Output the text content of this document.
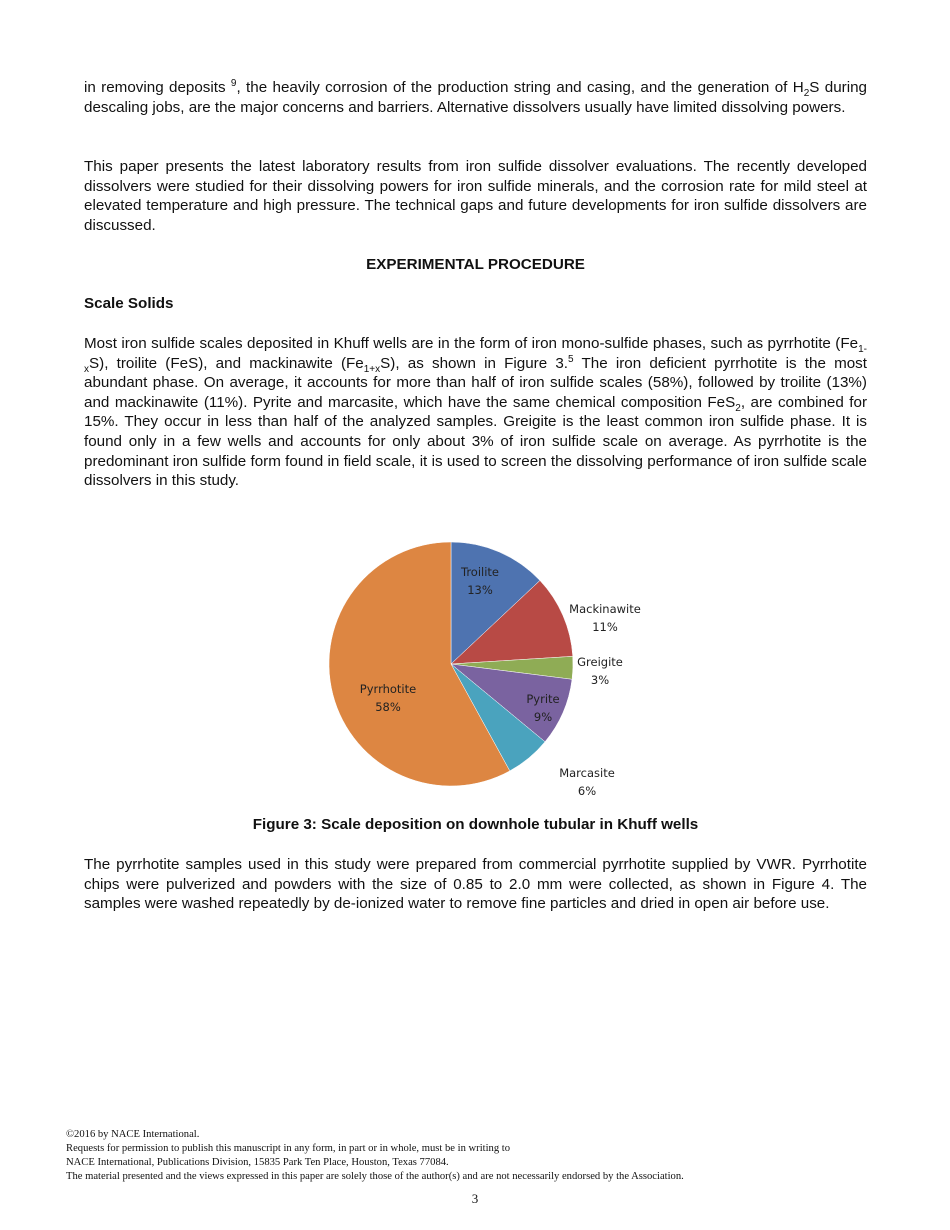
in removing deposits $^9$, the heavily corrosion of the production string and casing, and the generation of $H_2S$ during descaling jobs, are the major concerns and barriers. Alternative dissolvers usually have limited dissolving powers.

This paper presents the latest laboratory results from iron sulfide dissolver evaluations. The recently developed dissolvers were studied for their dissolving powers for iron sulfide minerals, and the corrosion rate for mild steel at elevated temperature and high pressure. The technical gaps and future developments for iron sulfide dissolvers are discussed.

EXPERIMENTAL PROCEDURE

Scale Solids

Most iron sulfide scales deposited in Khuff wells are in the form of iron mono-sulfide phases, such as pyrrhotite $(Fe_{1-x}S)$, troilite (FeS), and mackinawite $(Fe_{1+x}S)$, as shown in Figure 3.$^5$ The iron deficient pyrrhotite is the most abundant phase. On average, it accounts for more than half of iron sulfide scales (58%), followed by troilite (13%) and mackinawite (11%). Pyrite and marcasite, which have the same chemical composition FeS$_2$, are combined for 15%. They occur in less than half of the analyzed samples. Greigite is the least common iron sulfide phase. It is found only in a few wells and accounts for only about 3% of iron sulfide scale on average. As pyrrhotite is the predominant iron sulfide form found in field scale, it is used to screen the dissolving performance of iron sulfide scale dissolvers in this study.

Troilite
13%
Mackinawite
11%
Greigite
3%
Pyrite
9%
Marcasite
6%
Pyrrhotite
58%

Figure 3: Scale deposition on downhole tubular in Khuff wells

The pyrrhotite samples used in this study were prepared from commercial pyrrhotite supplied by VWR. Pyrrhotite chips were pulverized and powders with the size of 0.85 to 2.0 mm were collected, as shown in Figure 4. The samples were washed repeatedly by de-ionized water to remove fine particles and dried in open air before use.

©2016 by NACE International.
Requests for permission to publish this manuscript in any form, in part or in whole, must be in writing to
NACE International, Publications Division, 15835 Park Ten Place, Houston, Texas 77084.
The material presented and the views expressed in this paper are solely those of the author(s) and are not necessarily endorsed by the Association.
3
